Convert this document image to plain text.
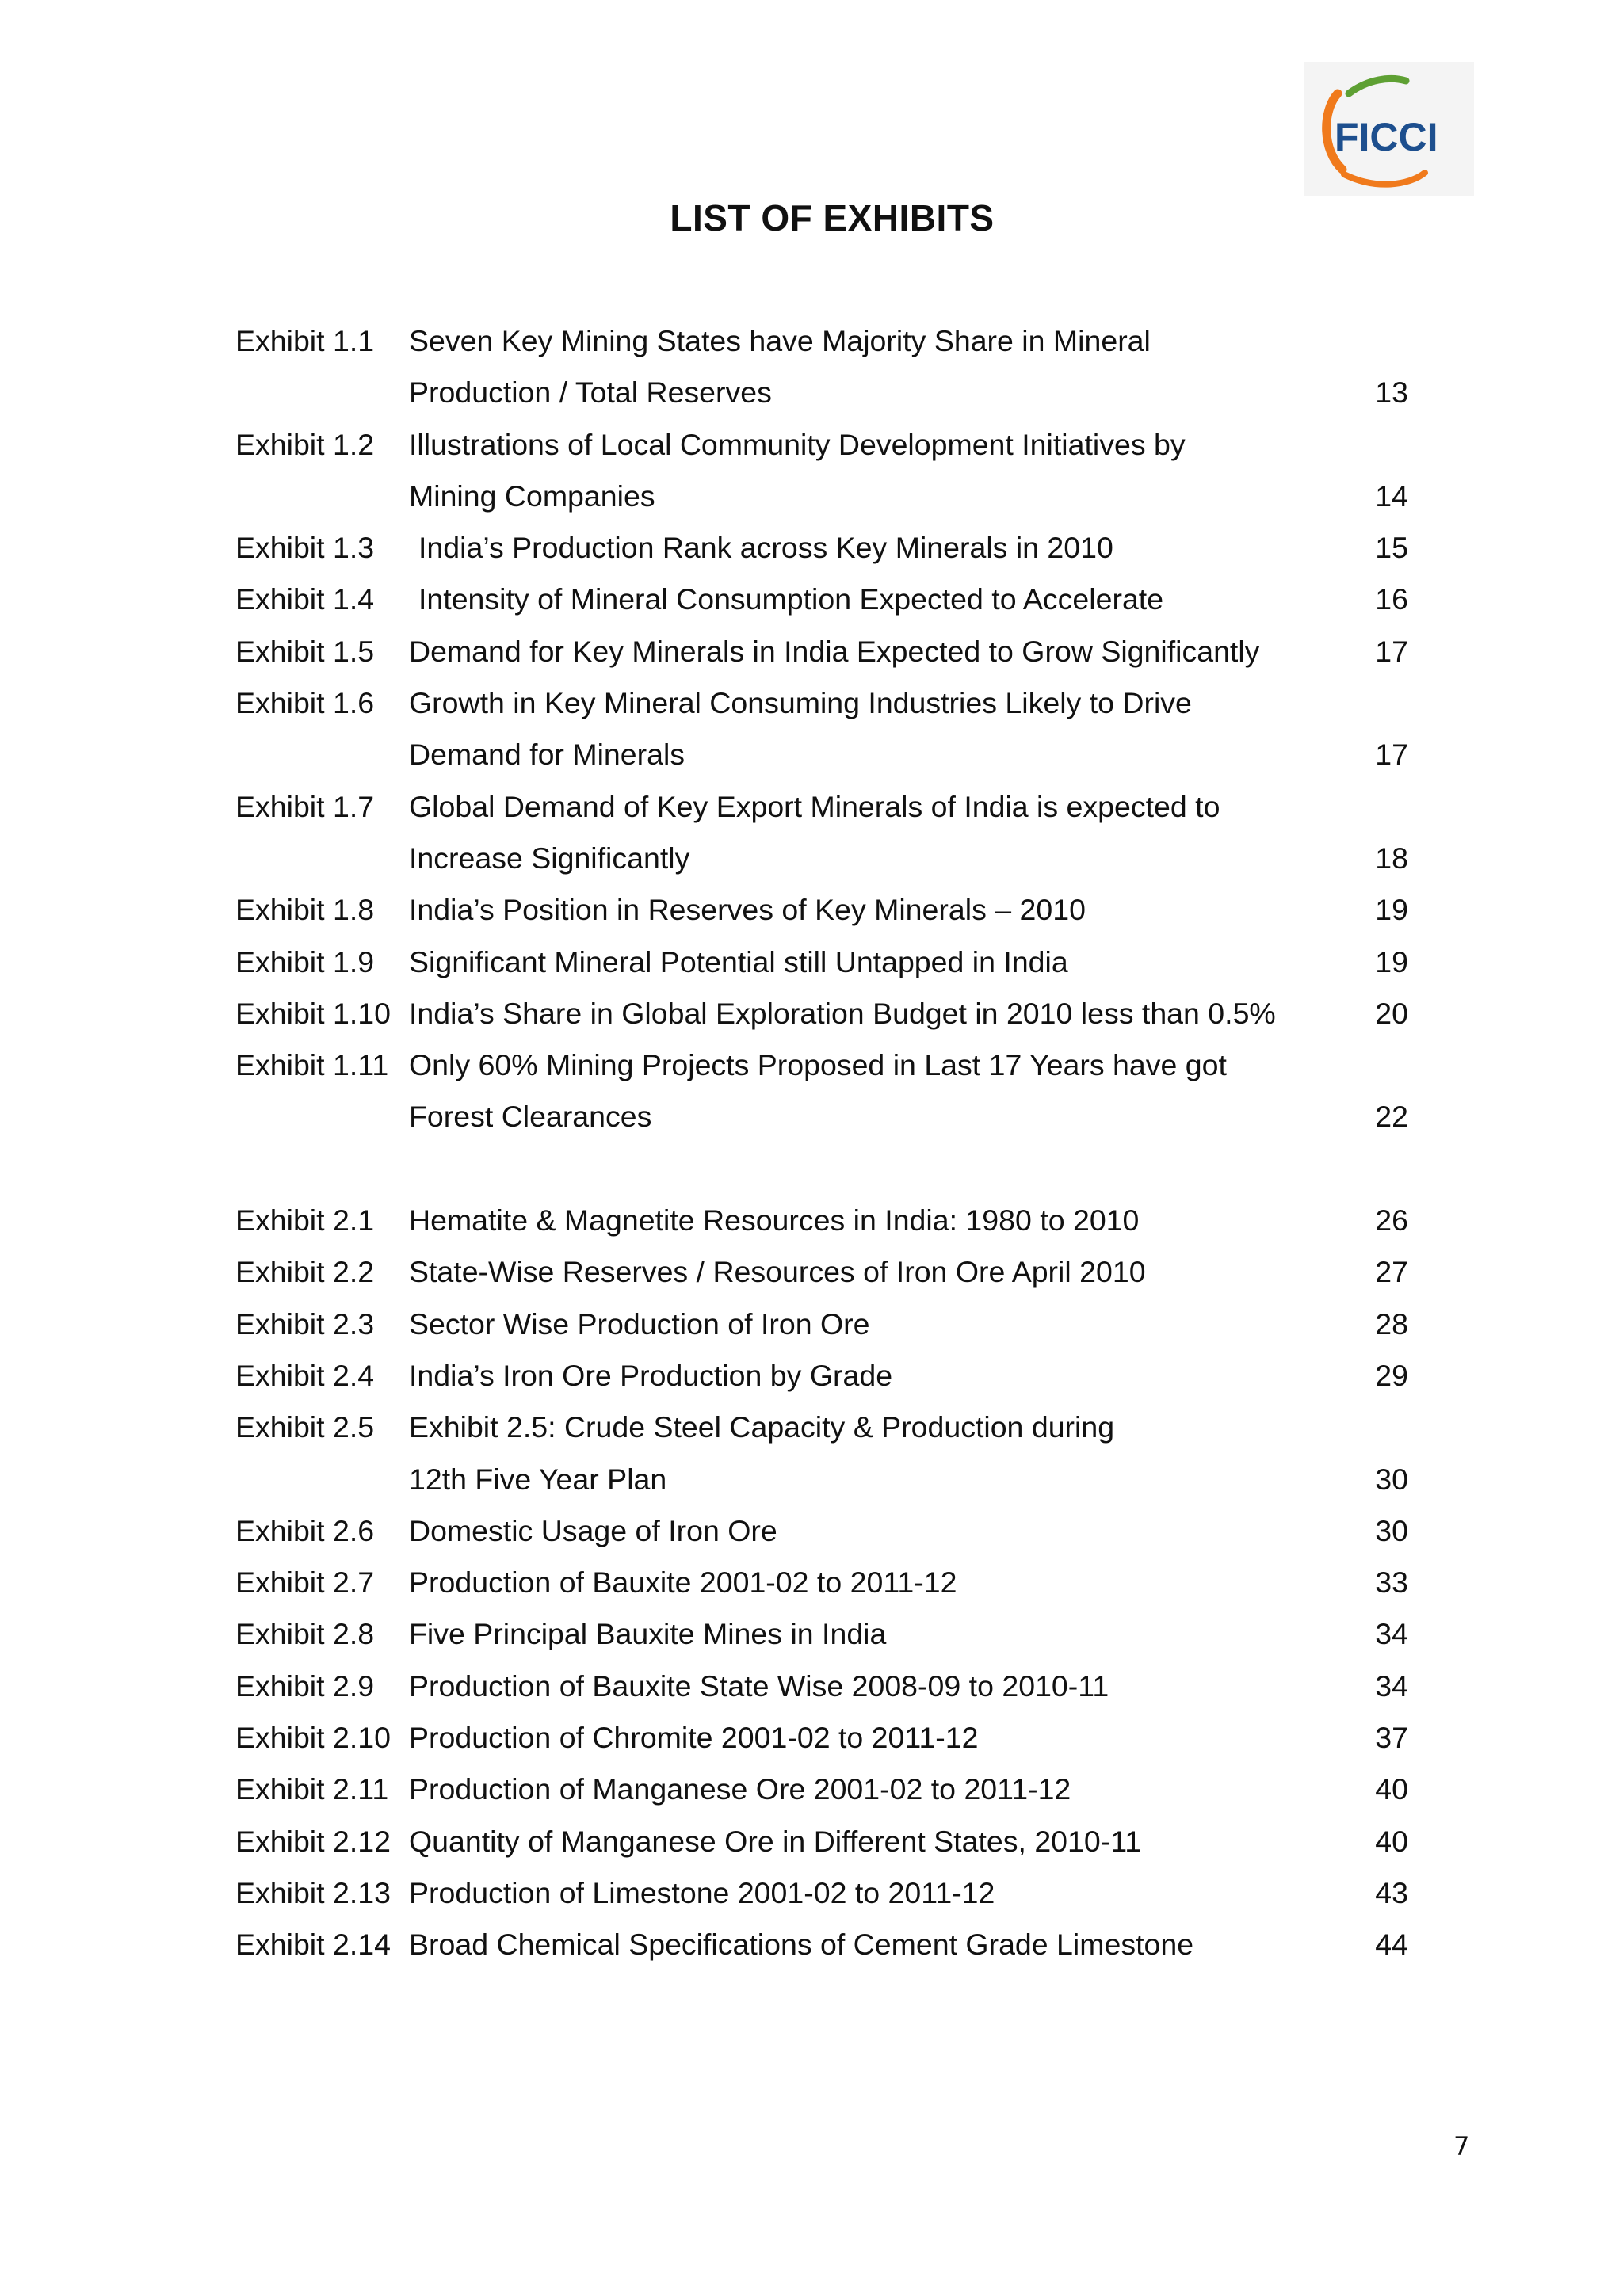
FICCI
LIST OF EXHIBITS
Exhibit 1.1 Seven Key Mining States have Majority Share in Mineral
Production / Total Reserves	13
Exhibit 1.2 Illustrations of Local Community Development Initiatives by
Mining Companies	14
Exhibit 1.3 India’s Production Rank across Key Minerals in 2010	15
Exhibit 1.4 Intensity of Mineral Consumption Expected to Accelerate	16
Exhibit 1.5 Demand for Key Minerals in India Expected to Grow Significantly	17
Exhibit 1.6 Growth in Key Mineral Consuming Industries Likely to Drive
Demand for Minerals	17
Exhibit 1.7 Global Demand of Key Export Minerals of India is expected to
Increase Significantly	18
Exhibit 1.8 India’s Position in Reserves of Key Minerals – 2010	19
Exhibit 1.9 Significant Mineral Potential still Untapped in India	19
Exhibit 1.10 India’s Share in Global Exploration Budget in 2010 less than 0.5%	20
Exhibit 1.11 Only 60% Mining Projects Proposed in Last 17 Years have got
Forest Clearances	22
Exhibit 2.1 Hematite & Magnetite Resources in India: 1980 to 2010	26
Exhibit 2.2 State-Wise Reserves / Resources of Iron Ore April 2010	27
Exhibit 2.3 Sector Wise Production of Iron Ore	28
Exhibit 2.4 India’s Iron Ore Production by Grade	29
Exhibit 2.5 Exhibit 2.5: Crude Steel Capacity & Production during
12th Five Year Plan	30
Exhibit 2.6 Domestic Usage of Iron Ore	30
Exhibit 2.7 Production of Bauxite 2001-02 to 2011-12	33
Exhibit 2.8 Five Principal Bauxite Mines in India	34
Exhibit 2.9 Production of Bauxite State Wise 2008-09 to 2010-11	34
Exhibit 2.10 Production of Chromite 2001-02 to 2011-12	37
Exhibit 2.11 Production of Manganese Ore 2001-02 to 2011-12	40
Exhibit 2.12 Quantity of Manganese Ore in Different States, 2010-11	40
Exhibit 2.13 Production of Limestone 2001-02 to 2011-12	43
Exhibit 2.14 Broad Chemical Specifications of Cement Grade Limestone	44
7
